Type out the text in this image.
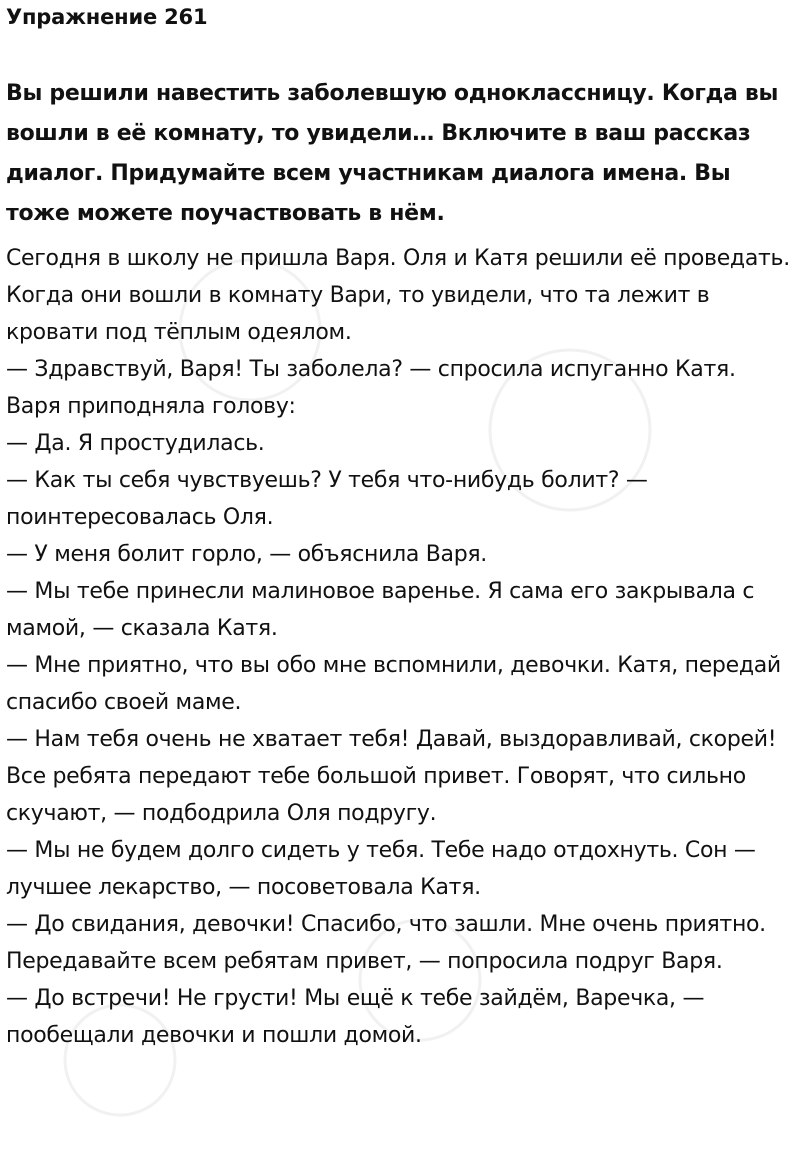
Упражнение 261

Вы решили навестить заболевшую одноклассницу. Когда вы вошли в её комнату, то увидели… Включите в ваш рассказ диалог. Придумайте всем участникам диалога имена. Вы тоже можете поучаствовать в нём.

Сегодня в школу не пришла Варя. Оля и Катя решили её проведать. Когда они вошли в комнату Вари, то увидели, что та лежит в кровати под тёплым одеялом.

— Здравствуй, Варя! Ты заболела? — спросила испуганно Катя.

Варя приподняла голову:

— Да. Я простудилась.

— Как ты себя чувствуешь? У тебя что-нибудь болит? — поинтересовалась Оля.

— У меня болит горло, — объяснила Варя.

— Мы тебе принесли малиновое варенье. Я сама его закрывала с мамой, — сказала Катя.

— Мне приятно, что вы обо мне вспомнили, девочки. Катя, передай спасибо своей маме.

— Нам тебя очень не хватает тебя! Давай, выздоравливай, скорей! Все ребята передают тебе большой привет. Говорят, что сильно скучают, — подбодрила Оля подругу.

— Мы не будем долго сидеть у тебя. Тебе надо отдохнуть. Сон — лучшее лекарство, — посоветовала Катя.

— До свидания, девочки! Спасибо, что зашли. Мне очень приятно. Передавайте всем ребятам привет, — попросила подруг Варя.

— До встречи! Не грусти! Мы ещё к тебе зайдём, Варечка, — пообещали девочки и пошли домой.
